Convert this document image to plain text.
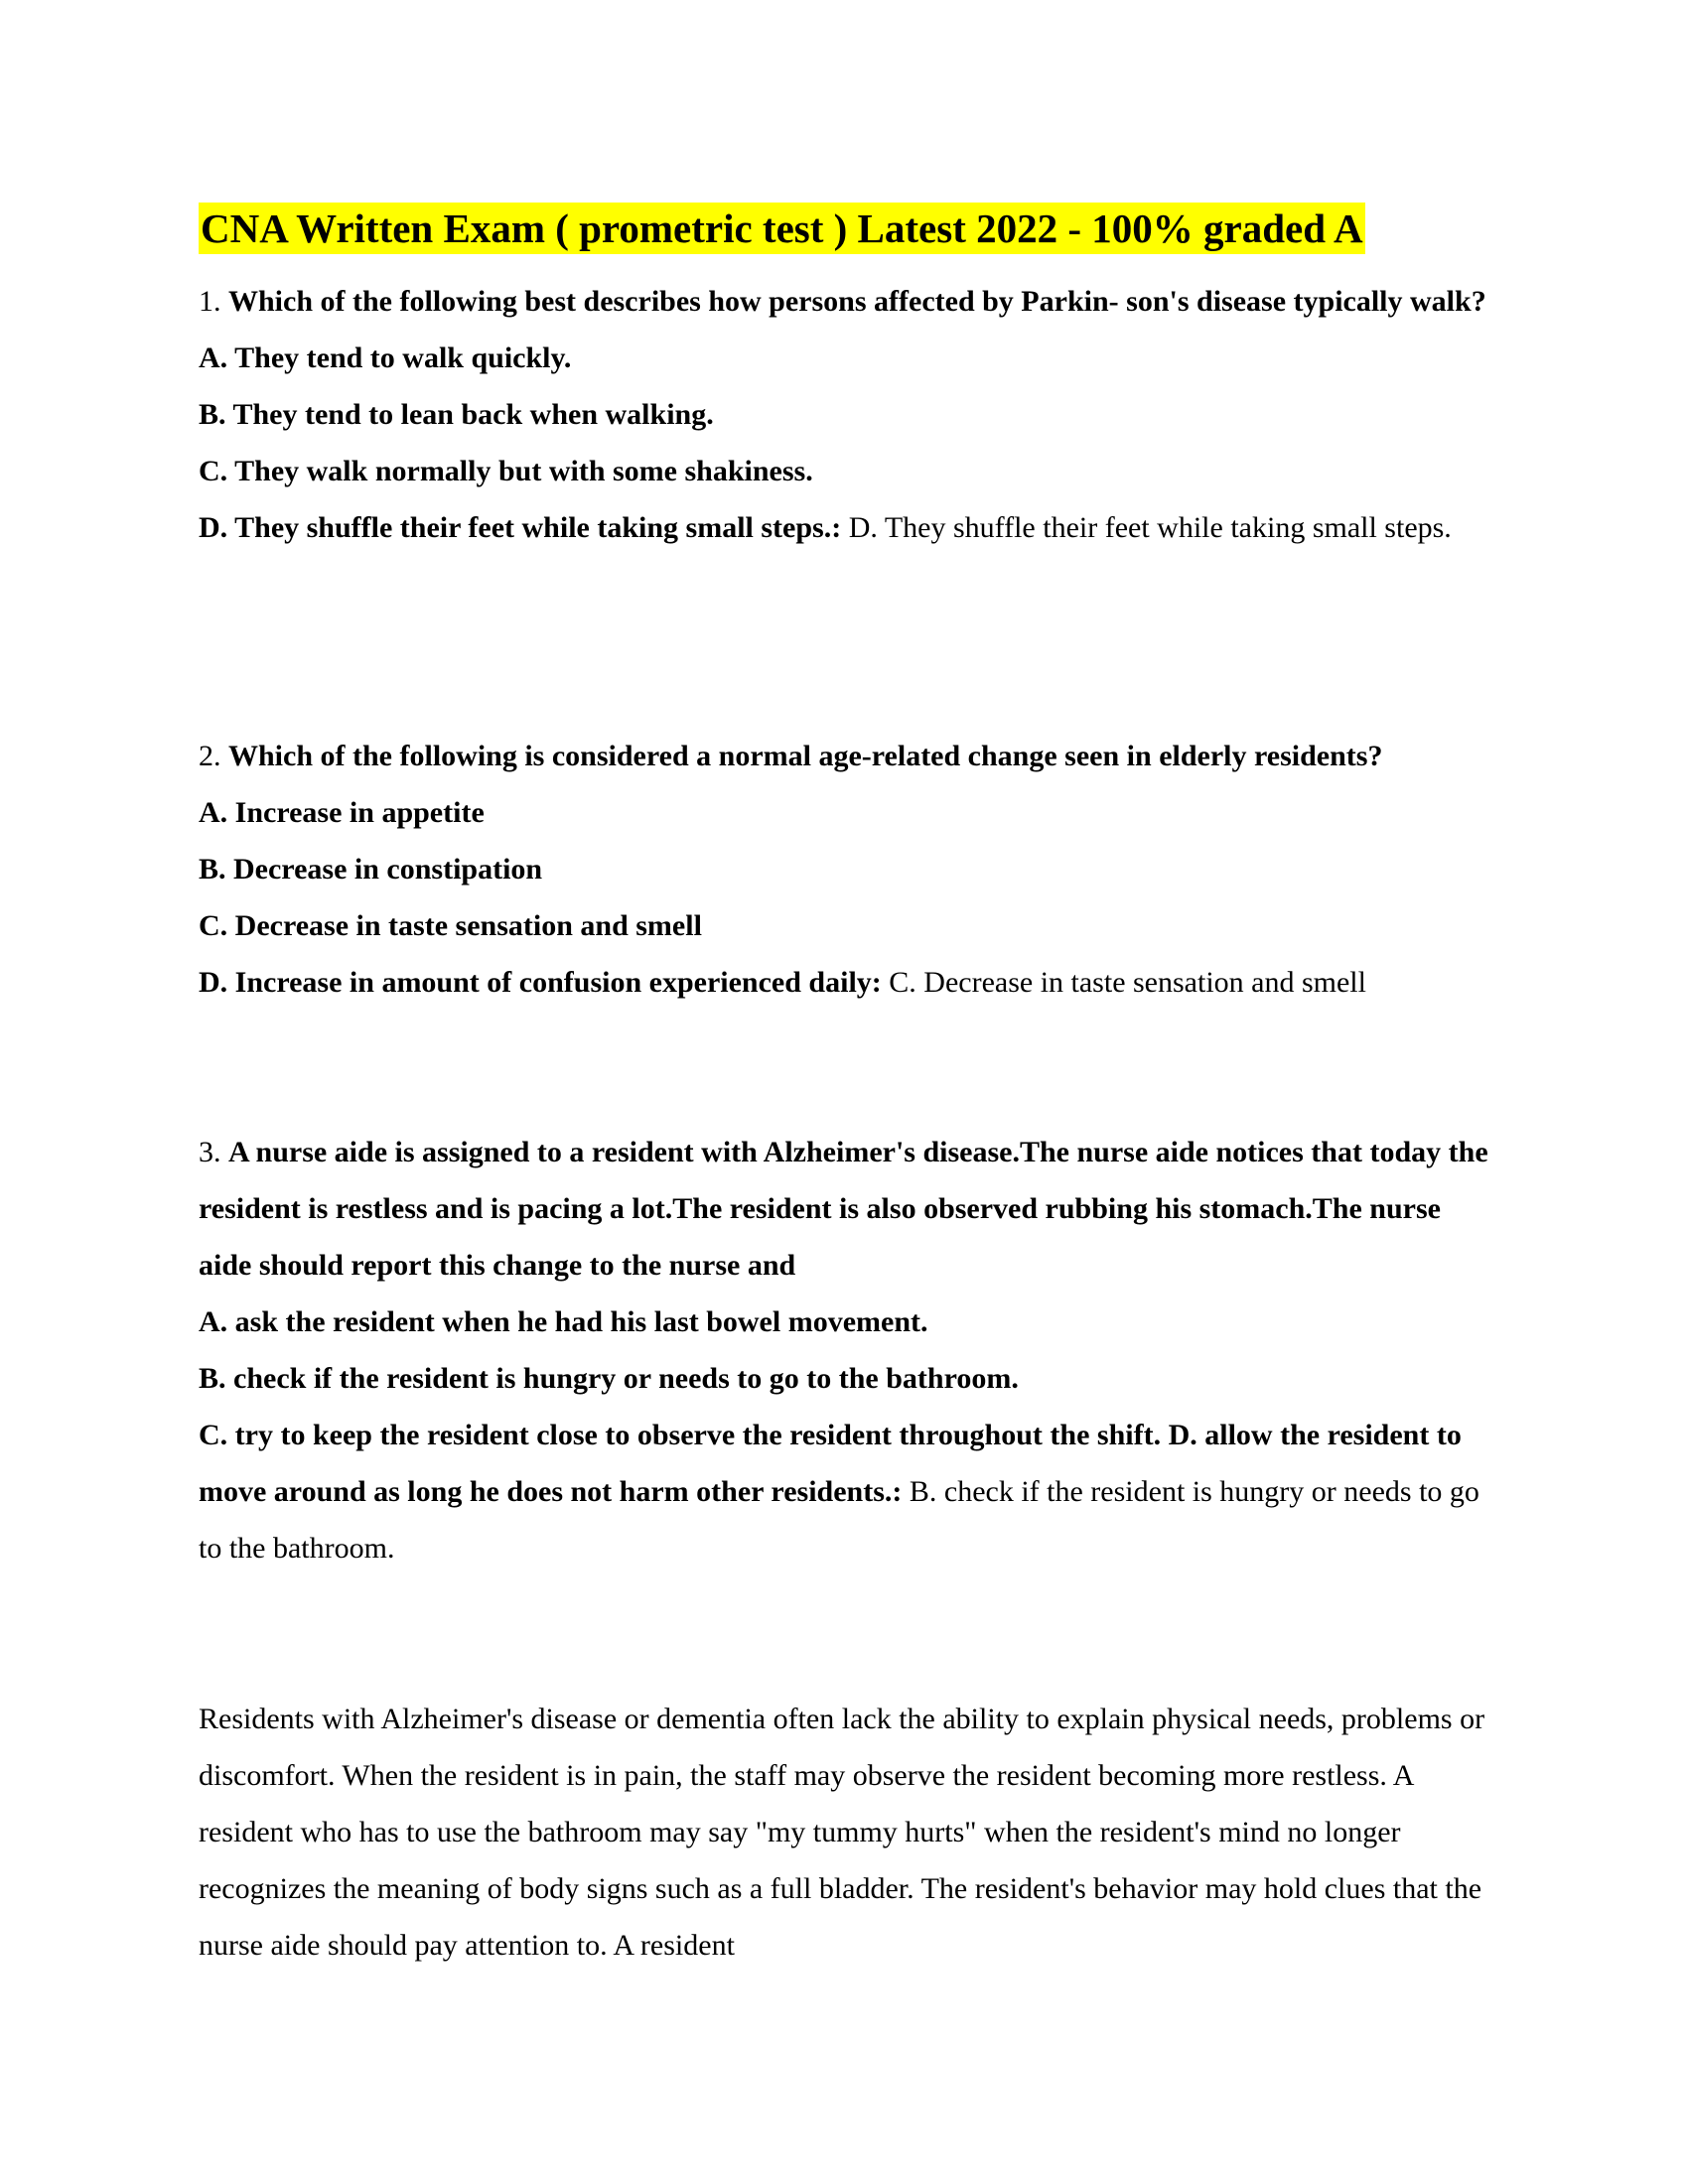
CNA Written Exam ( prometric test ) Latest 2022 - 100% graded A
1. Which of the following best describes how persons affected by Parkin- son's disease typically walk?
A. They tend to walk quickly.
B. They tend to lean back when walking.
C. They walk normally but with some shakiness.
D. They shuffle their feet while taking small steps.: D. They shuffle their feet while taking small steps.
2. Which of the following is considered a normal age-related change seen in elderly residents?
A. Increase in appetite
B. Decrease in constipation
C. Decrease in taste sensation and smell
D. Increase in amount of confusion experienced daily: C. Decrease in taste sensation and smell
3. A nurse aide is assigned to a resident with Alzheimer's disease.The nurse aide notices that today the resident is restless and is pacing a lot.The resident is also observed rubbing his stomach.The nurse aide should report this change to the nurse and
A. ask the resident when he had his last bowel movement.
B. check if the resident is hungry or needs to go to the bathroom.
C. try to keep the resident close to observe the resident throughout the shift. D. allow the resident to move around as long he does not harm other residents.: B. check if the resident is hungry or needs to go to the bathroom.
Residents with Alzheimer's disease or dementia often lack the ability to explain physical needs, problems or discomfort. When the resident is in pain, the staff may observe the resident becoming more restless. A resident who has to use the bathroom may say "my tummy hurts" when the resident's mind no longer recognizes the meaning of body signs such as a full bladder. The resident's behavior may hold clues that the nurse aide should pay attention to. A resident
